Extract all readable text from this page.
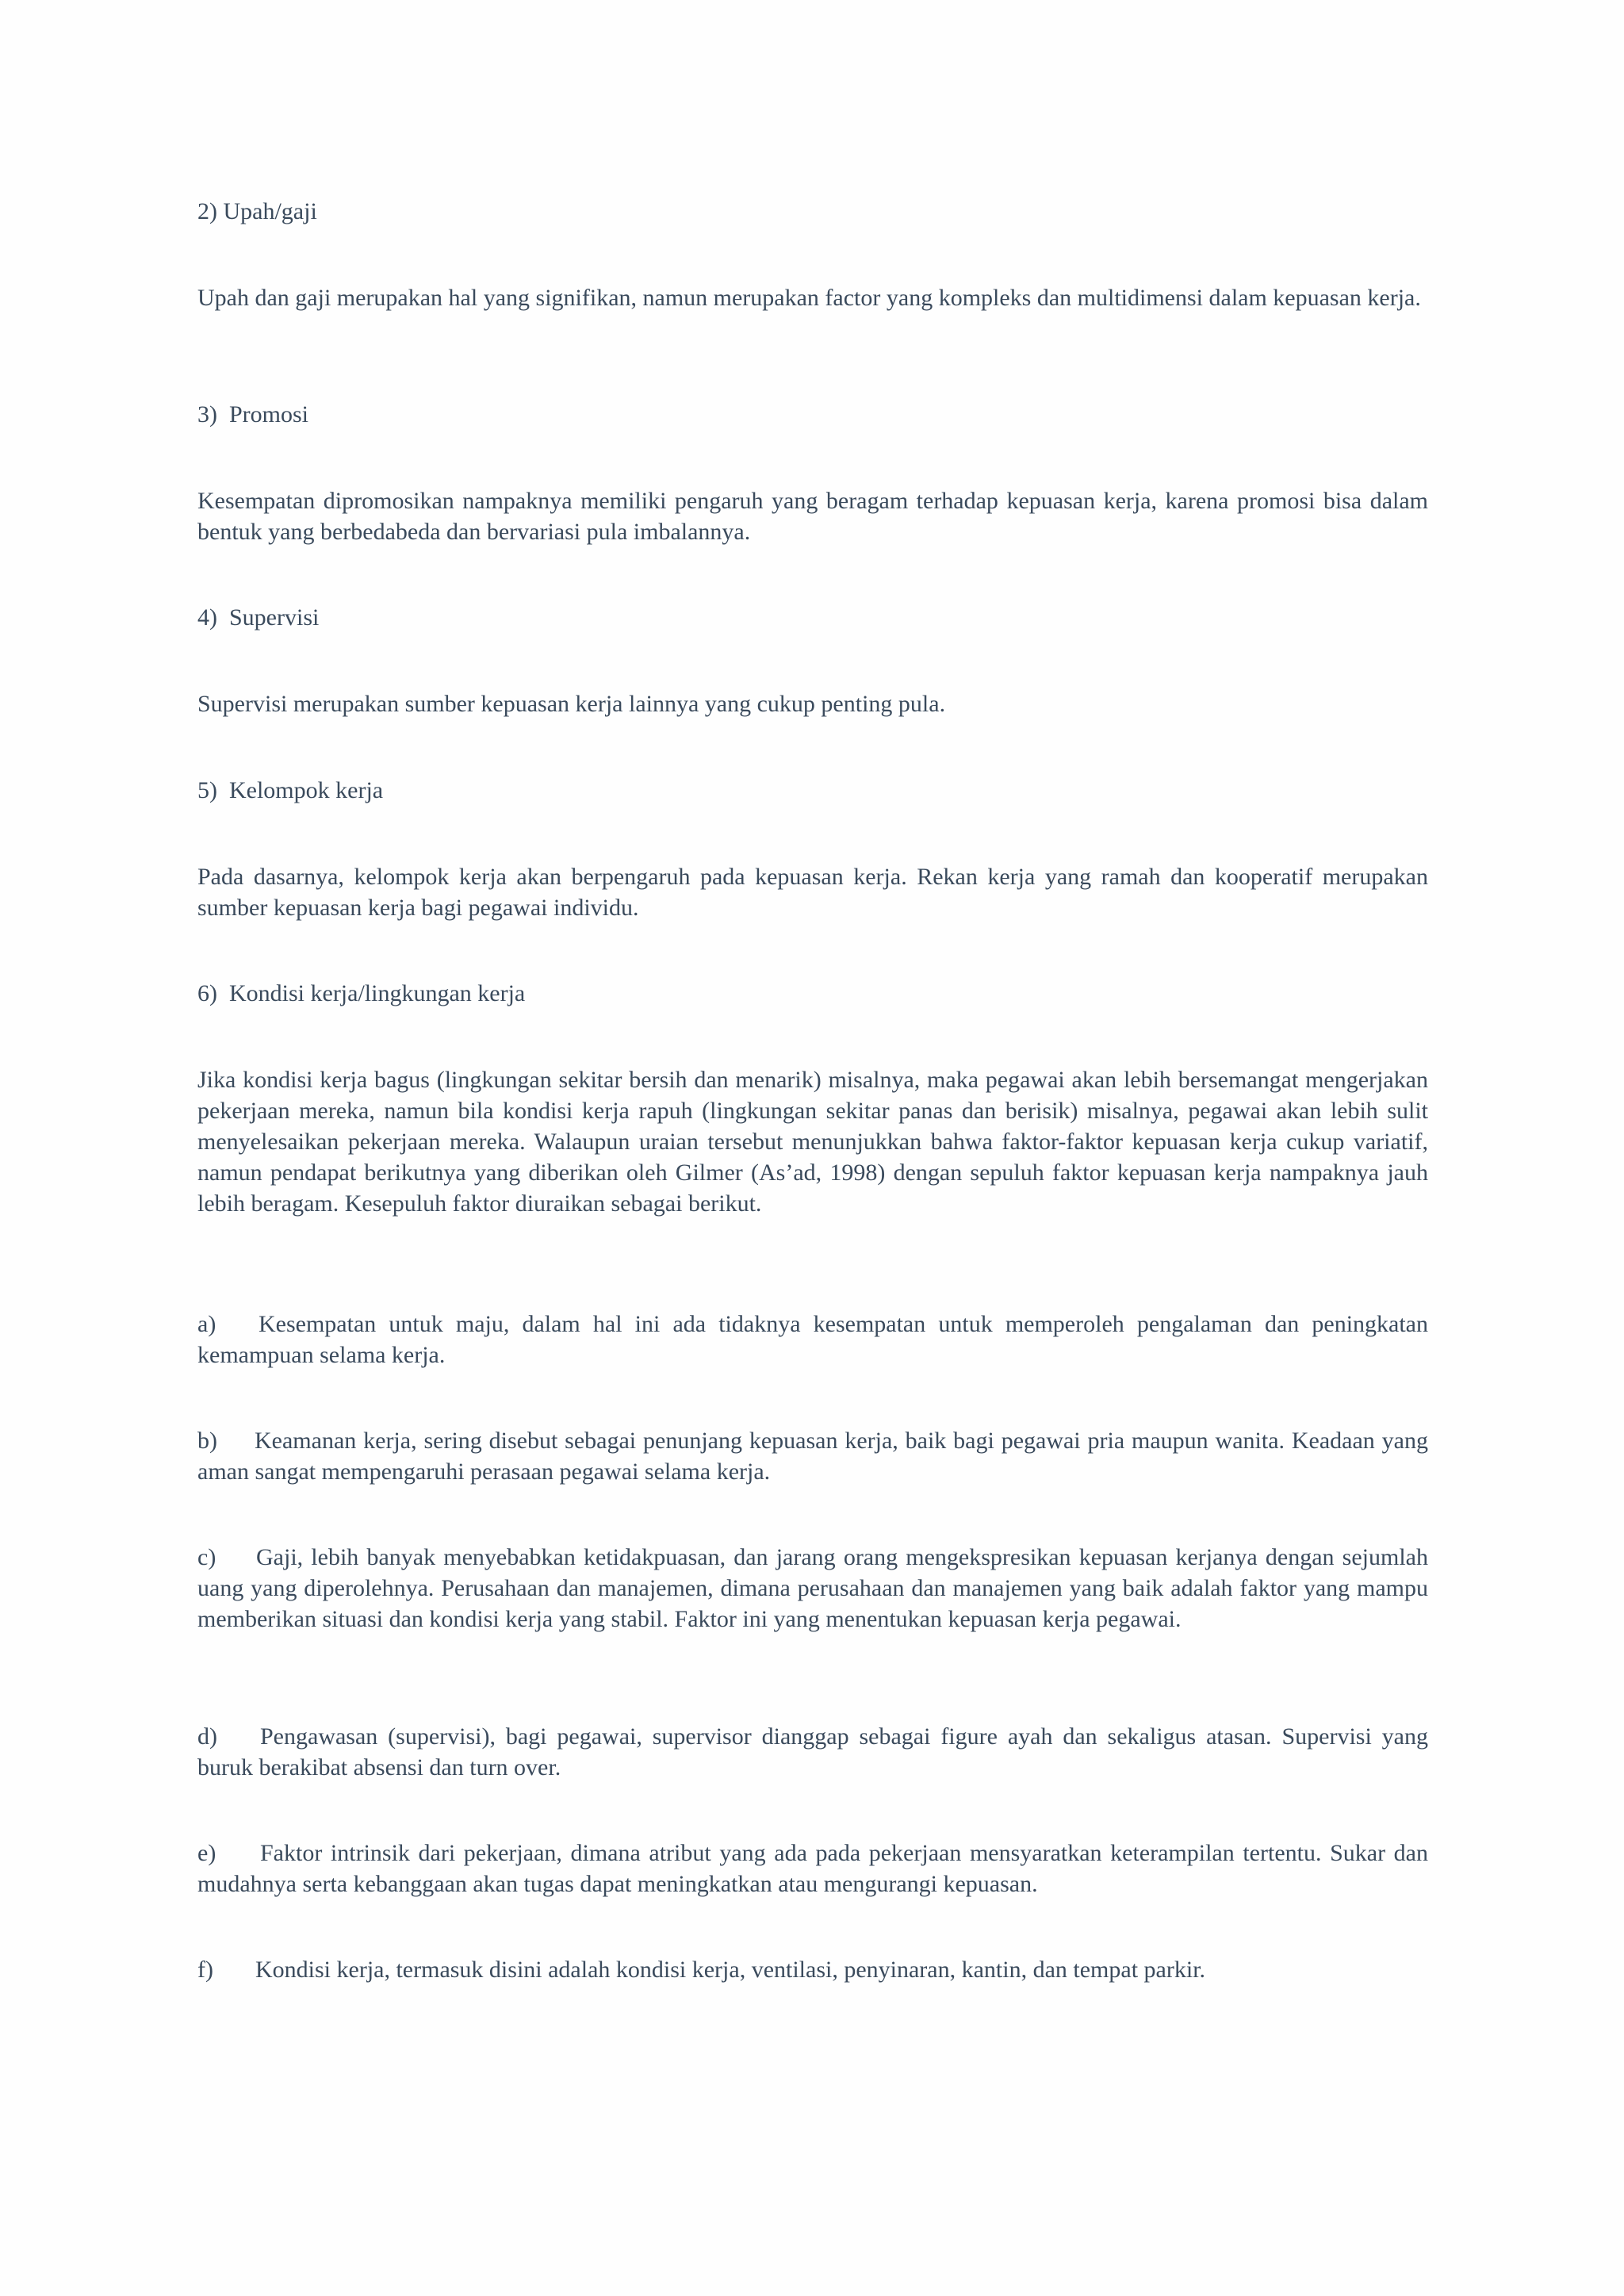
2) Upah/gaji

Upah dan gaji merupakan hal yang signifikan, namun merupakan factor yang kompleks dan multidimensi dalam kepuasan kerja.

3)  Promosi

Kesempatan dipromosikan nampaknya memiliki pengaruh yang beragam terhadap kepuasan kerja, karena promosi bisa dalam bentuk yang berbedabeda dan bervariasi pula imbalannya.

4)  Supervisi

Supervisi merupakan sumber kepuasan kerja lainnya yang cukup penting pula.

5)  Kelompok kerja

Pada dasarnya, kelompok kerja akan berpengaruh pada kepuasan kerja. Rekan kerja yang ramah dan kooperatif merupakan sumber kepuasan kerja bagi pegawai individu.

6)  Kondisi kerja/lingkungan kerja

Jika kondisi kerja bagus (lingkungan sekitar bersih dan menarik) misalnya, maka pegawai akan lebih bersemangat mengerjakan pekerjaan mereka, namun bila kondisi kerja rapuh (lingkungan sekitar panas dan berisik) misalnya, pegawai akan lebih sulit menyelesaikan pekerjaan mereka. Walaupun uraian tersebut menunjukkan bahwa faktor-faktor kepuasan kerja cukup variatif, namun pendapat berikutnya yang diberikan oleh Gilmer (As’ad, 1998) dengan sepuluh faktor kepuasan kerja nampaknya jauh lebih beragam. Kesepuluh faktor diuraikan sebagai berikut.

a) Kesempatan untuk maju, dalam hal ini ada tidaknya kesempatan untuk memperoleh pengalaman dan peningkatan kemampuan selama kerja.

b) Keamanan kerja, sering disebut sebagai penunjang kepuasan kerja, baik bagi pegawai pria maupun wanita. Keadaan yang aman sangat mempengaruhi perasaan pegawai selama kerja.

c) Gaji, lebih banyak menyebabkan ketidakpuasan, dan jarang orang mengekspresikan kepuasan kerjanya dengan sejumlah uang yang diperolehnya. Perusahaan dan manajemen, dimana perusahaan dan manajemen yang baik adalah faktor yang mampu memberikan situasi dan kondisi kerja yang stabil. Faktor ini yang menentukan kepuasan kerja pegawai.

d) Pengawasan (supervisi), bagi pegawai, supervisor dianggap sebagai figure ayah dan sekaligus atasan. Supervisi yang buruk berakibat absensi dan turn over.

e) Faktor intrinsik dari pekerjaan, dimana atribut yang ada pada pekerjaan mensyaratkan keterampilan tertentu. Sukar dan mudahnya serta kebanggaan akan tugas dapat meningkatkan atau mengurangi kepuasan.

f) Kondisi kerja, termasuk disini adalah kondisi kerja, ventilasi, penyinaran, kantin, dan tempat parkir.
